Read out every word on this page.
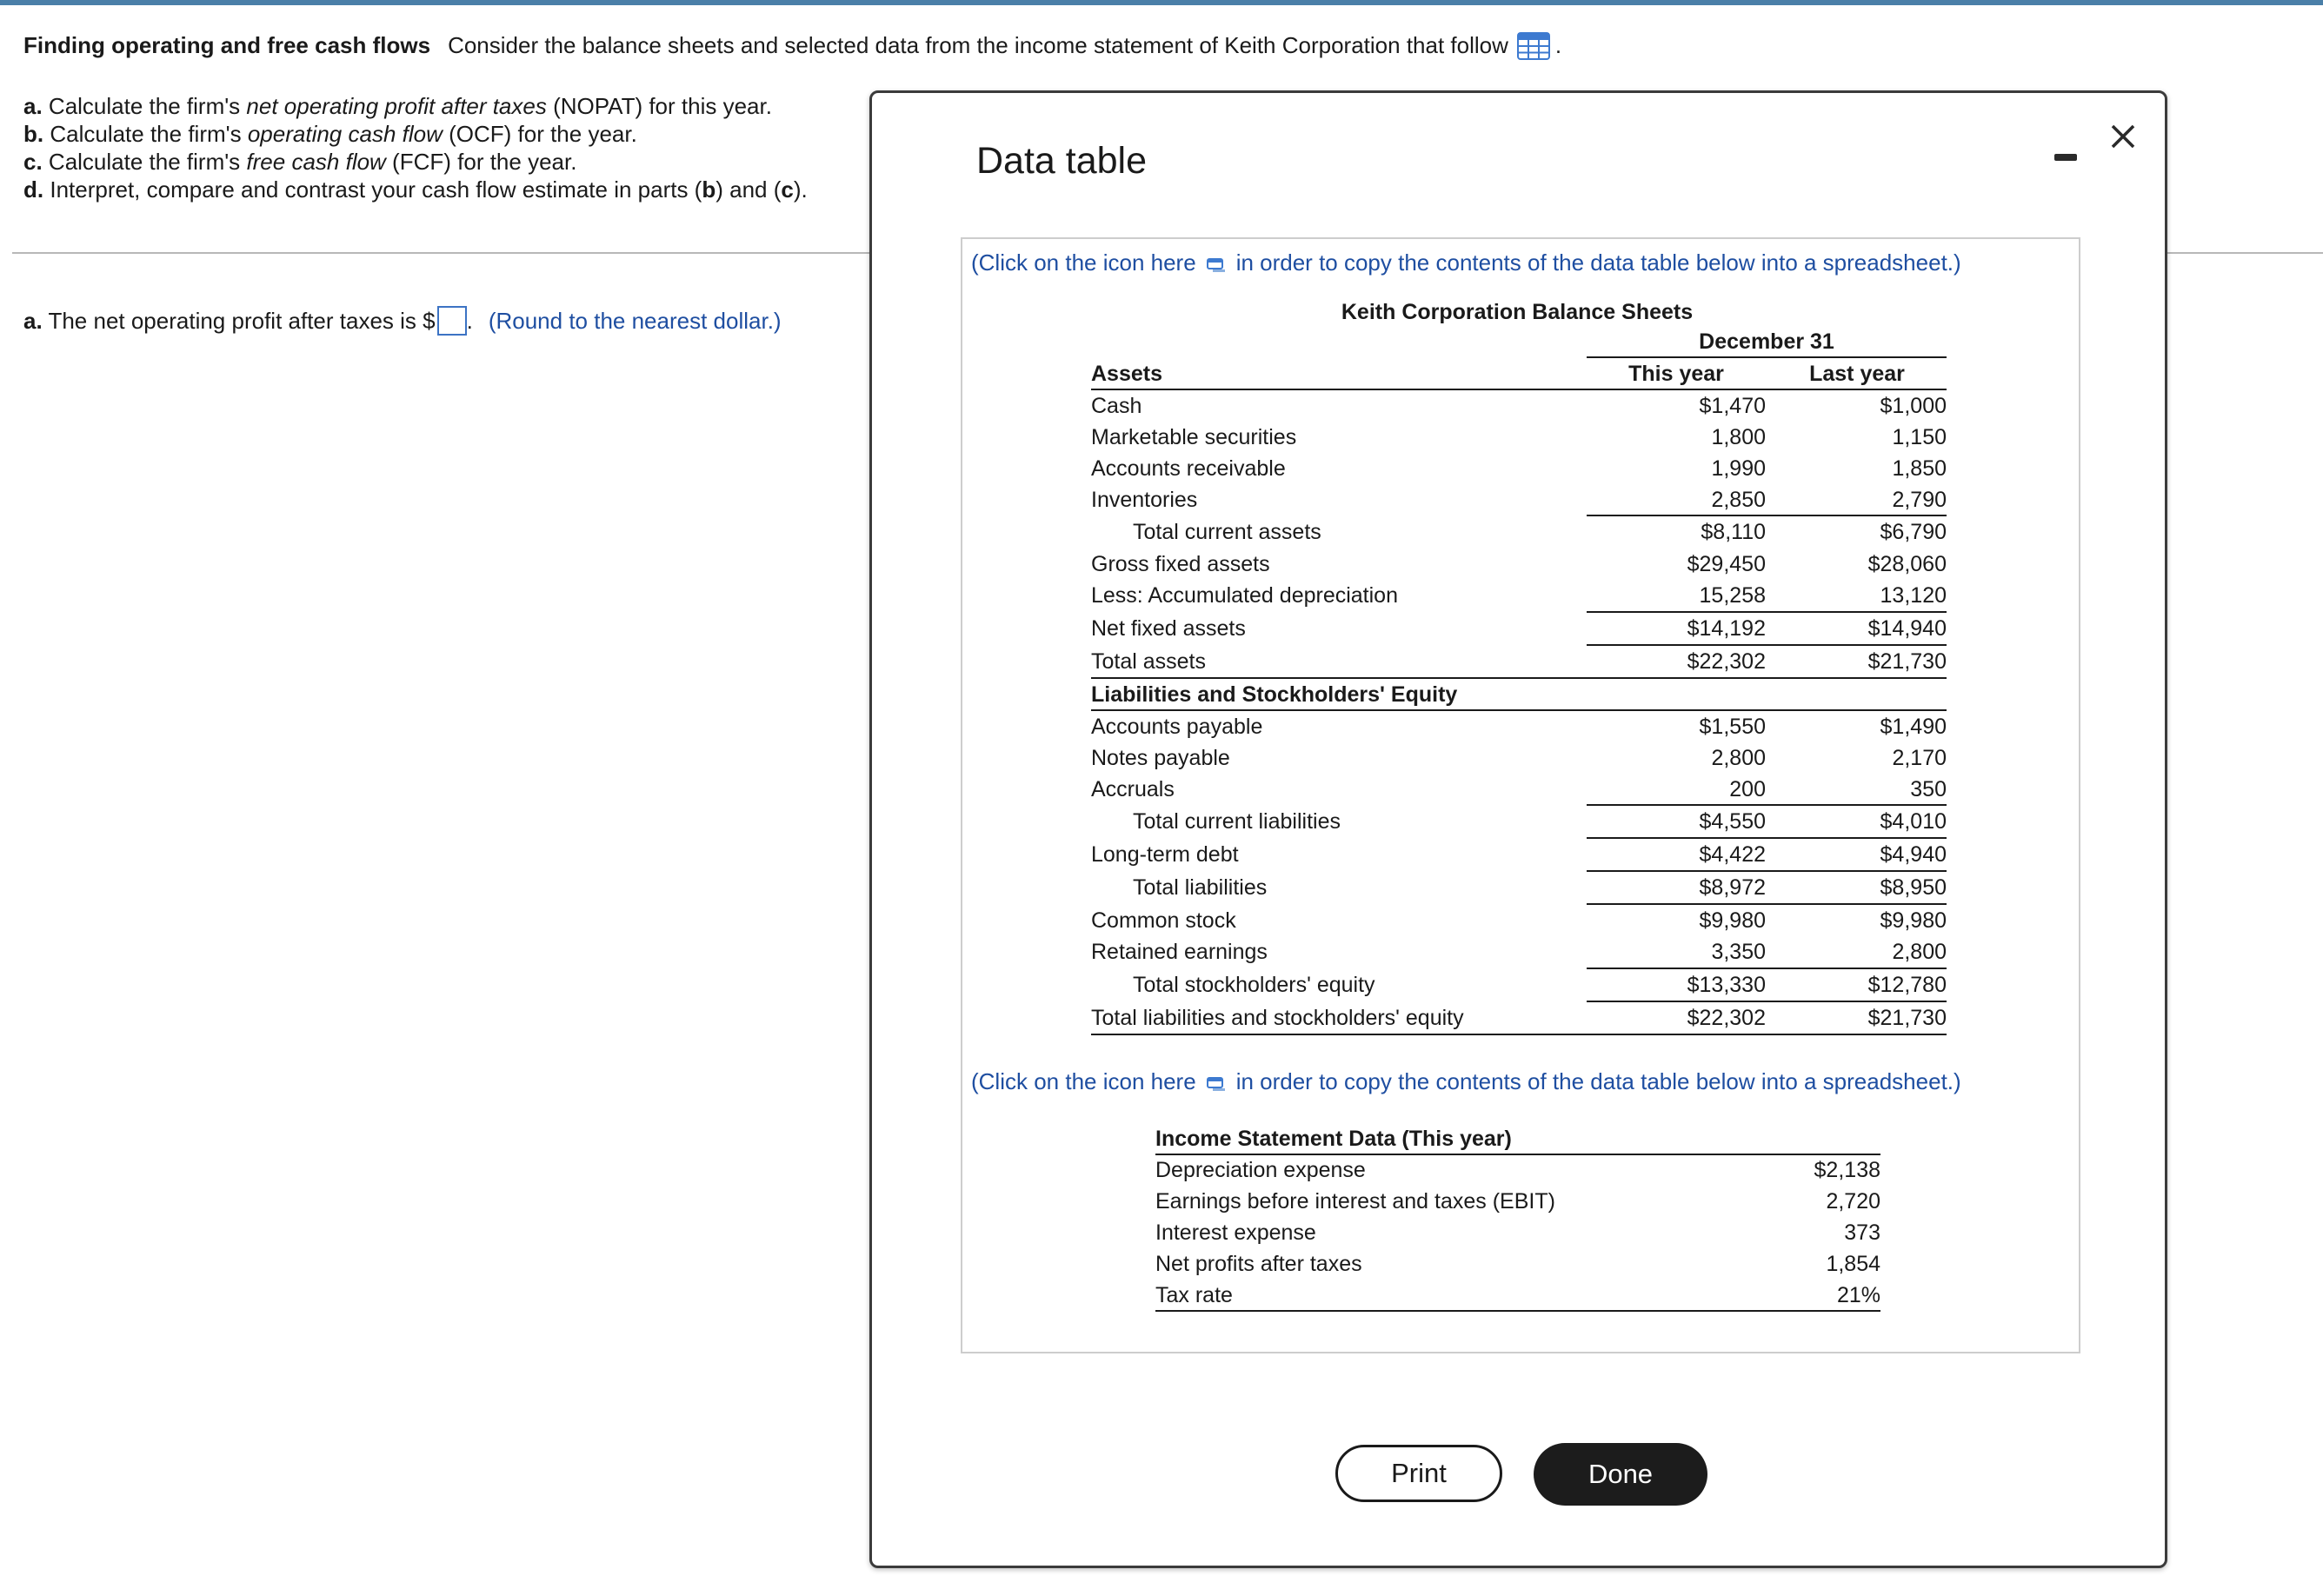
Finding operating and free cash flows Consider the balance sheets and selected data from the income statement of Keith Corporation that follow .
a. Calculate the firm's net operating profit after taxes (NOPAT) for this year.
b. Calculate the firm's operating cash flow (OCF) for the year.
c. Calculate the firm's free cash flow (FCF) for the year.
d. Interpret, compare and contrast your cash flow estimate in parts (b) and (c).
a. The net operating profit after taxes is $ . (Round to the nearest dollar.)
Data table
(Click on the icon here in order to copy the contents of the data table below into a spreadsheet.)
Keith Corporation Balance Sheets
December 31
Assets	This year	Last year
Cash	$1,470	$1,000
Marketable securities	1,800	1,150
Accounts receivable	1,990	1,850
Inventories	2,850	2,790
Total current assets	$8,110	$6,790
Gross fixed assets	$29,450	$28,060
Less: Accumulated depreciation	15,258	13,120
Net fixed assets	$14,192	$14,940
Total assets	$22,302	$21,730
Liabilities and Stockholders' Equity
Accounts payable	$1,550	$1,490
Notes payable	2,800	2,170
Accruals	200	350
Total current liabilities	$4,550	$4,010
Long-term debt	$4,422	$4,940
Total liabilities	$8,972	$8,950
Common stock	$9,980	$9,980
Retained earnings	3,350	2,800
Total stockholders' equity	$13,330	$12,780
Total liabilities and stockholders' equity	$22,302	$21,730
(Click on the icon here in order to copy the contents of the data table below into a spreadsheet.)
Income Statement Data (This year)
Depreciation expense	$2,138
Earnings before interest and taxes (EBIT)	2,720
Interest expense	373
Net profits after taxes	1,854
Tax rate	21%
Print	Done
